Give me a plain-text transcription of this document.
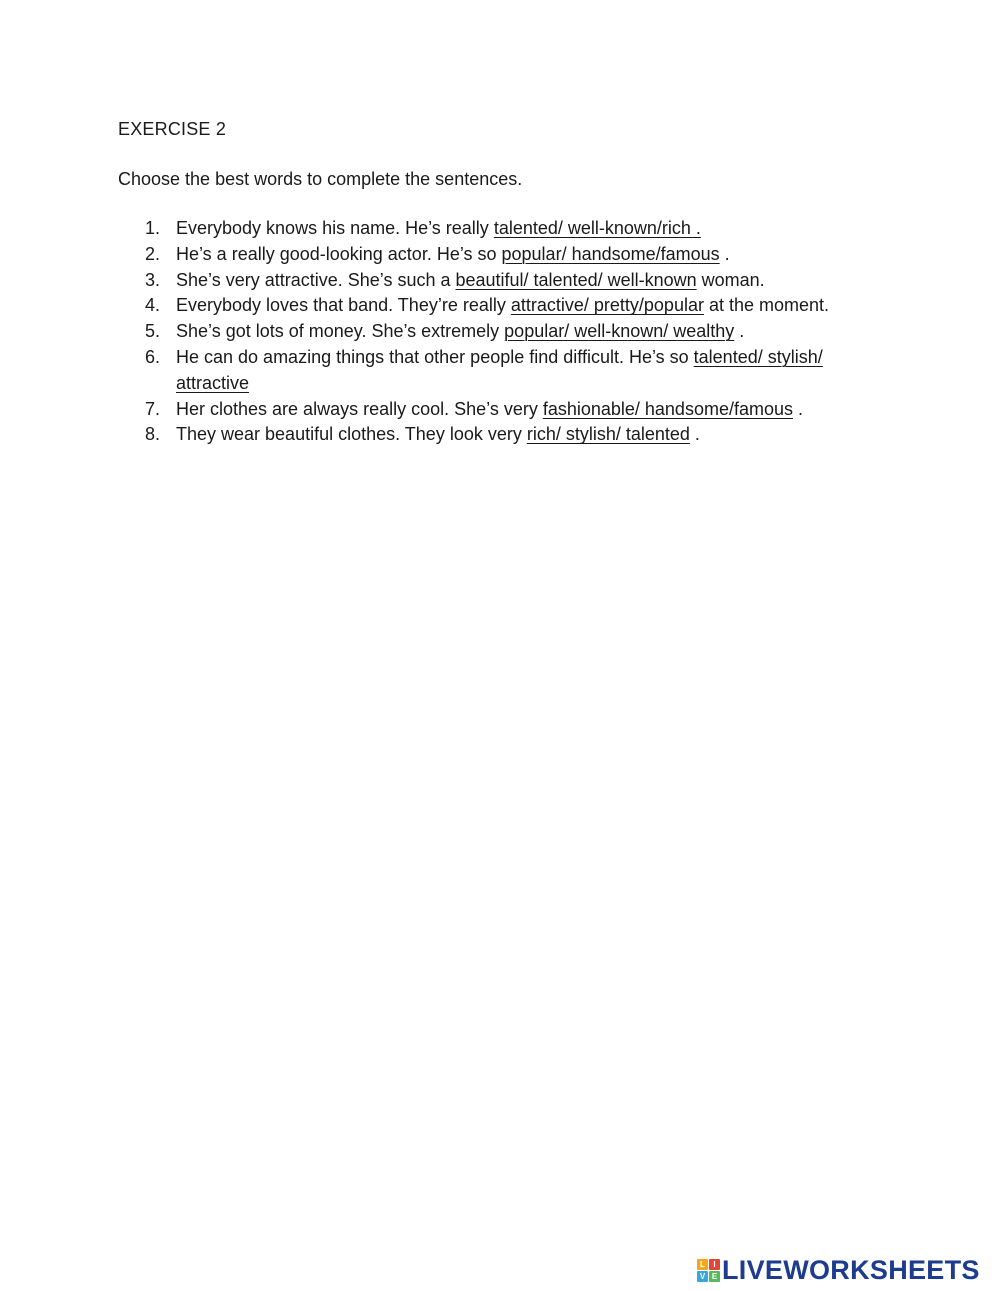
EXERCISE 2
Choose the best words to complete the sentences.
1. Everybody knows his name. He’s really talented/ well-known/rich .
2. He’s a really good-looking actor. He’s so popular/ handsome/famous .
3. She’s very attractive. She’s such a beautiful/ talented/ well-known woman.
4. Everybody loves that band. They’re really attractive/ pretty/popular at the moment.
5. She’s got lots of money. She’s extremely popular/ well-known/ wealthy .
6. He can do amazing things that other people find difficult. He’s so talented/ stylish/ attractive
7. Her clothes are always really cool. She’s very fashionable/ handsome/famous .
8. They wear beautiful clothes. They look very rich/ stylish/ talented .
L	I
V E LIVEWORKSHEETS
